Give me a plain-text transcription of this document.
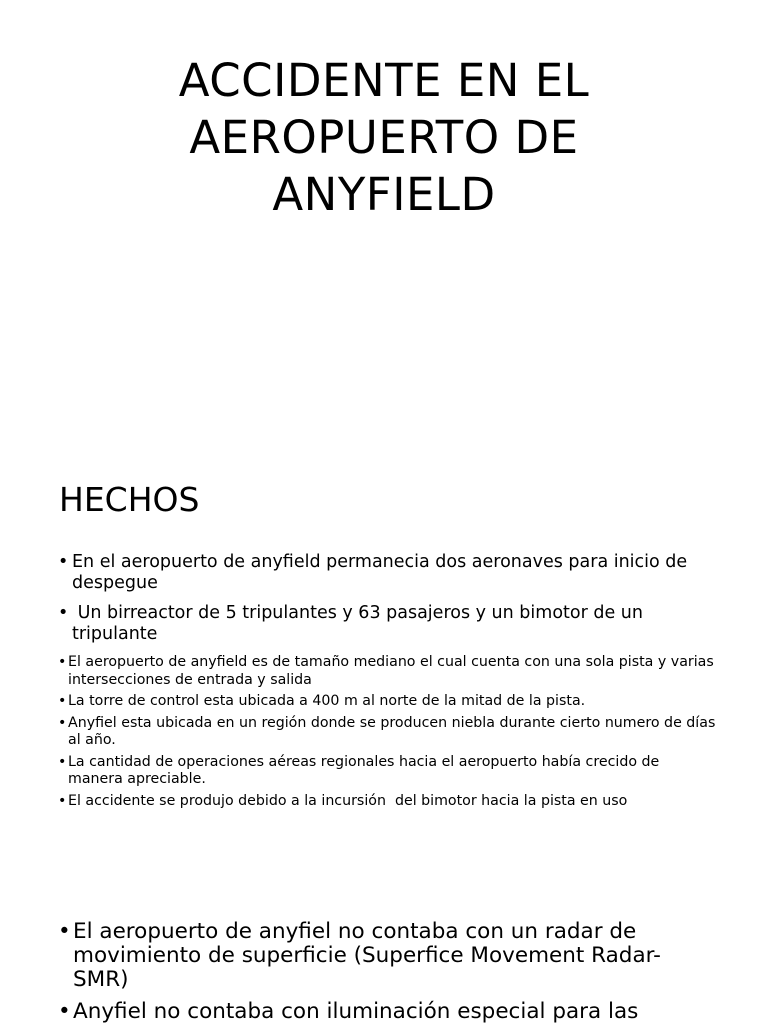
ACCIDENTE EN EL AEROPUERTO DE ANYFIELD
HECHOS
• En el aeropuerto de anyfield permanecia dos aeronaves para inicio de despegue
• Un birreactor de 5 tripulantes y 63 pasajeros y un bimotor de un tripulante
• El aeropuerto de anyfield es de tamaño mediano el cual cuenta con una sola pista y varias intersecciones de entrada y salida
• La torre de control esta ubicada a 400 m al norte de la mitad de la pista.
• Anyfiel esta ubicada en un región donde se producen niebla durante cierto numero de días al año.
• La cantidad de operaciones aéreas regionales hacia el aeropuerto había crecido de manera apreciable.
• El accidente se produjo debido a la incursión  del bimotor hacia la pista en uso
• El aeropuerto de anyfiel no contaba con un radar de movimiento de superficie (Superfice Movement Radar- SMR)
• Anyfiel no contaba con iluminación especial para las
